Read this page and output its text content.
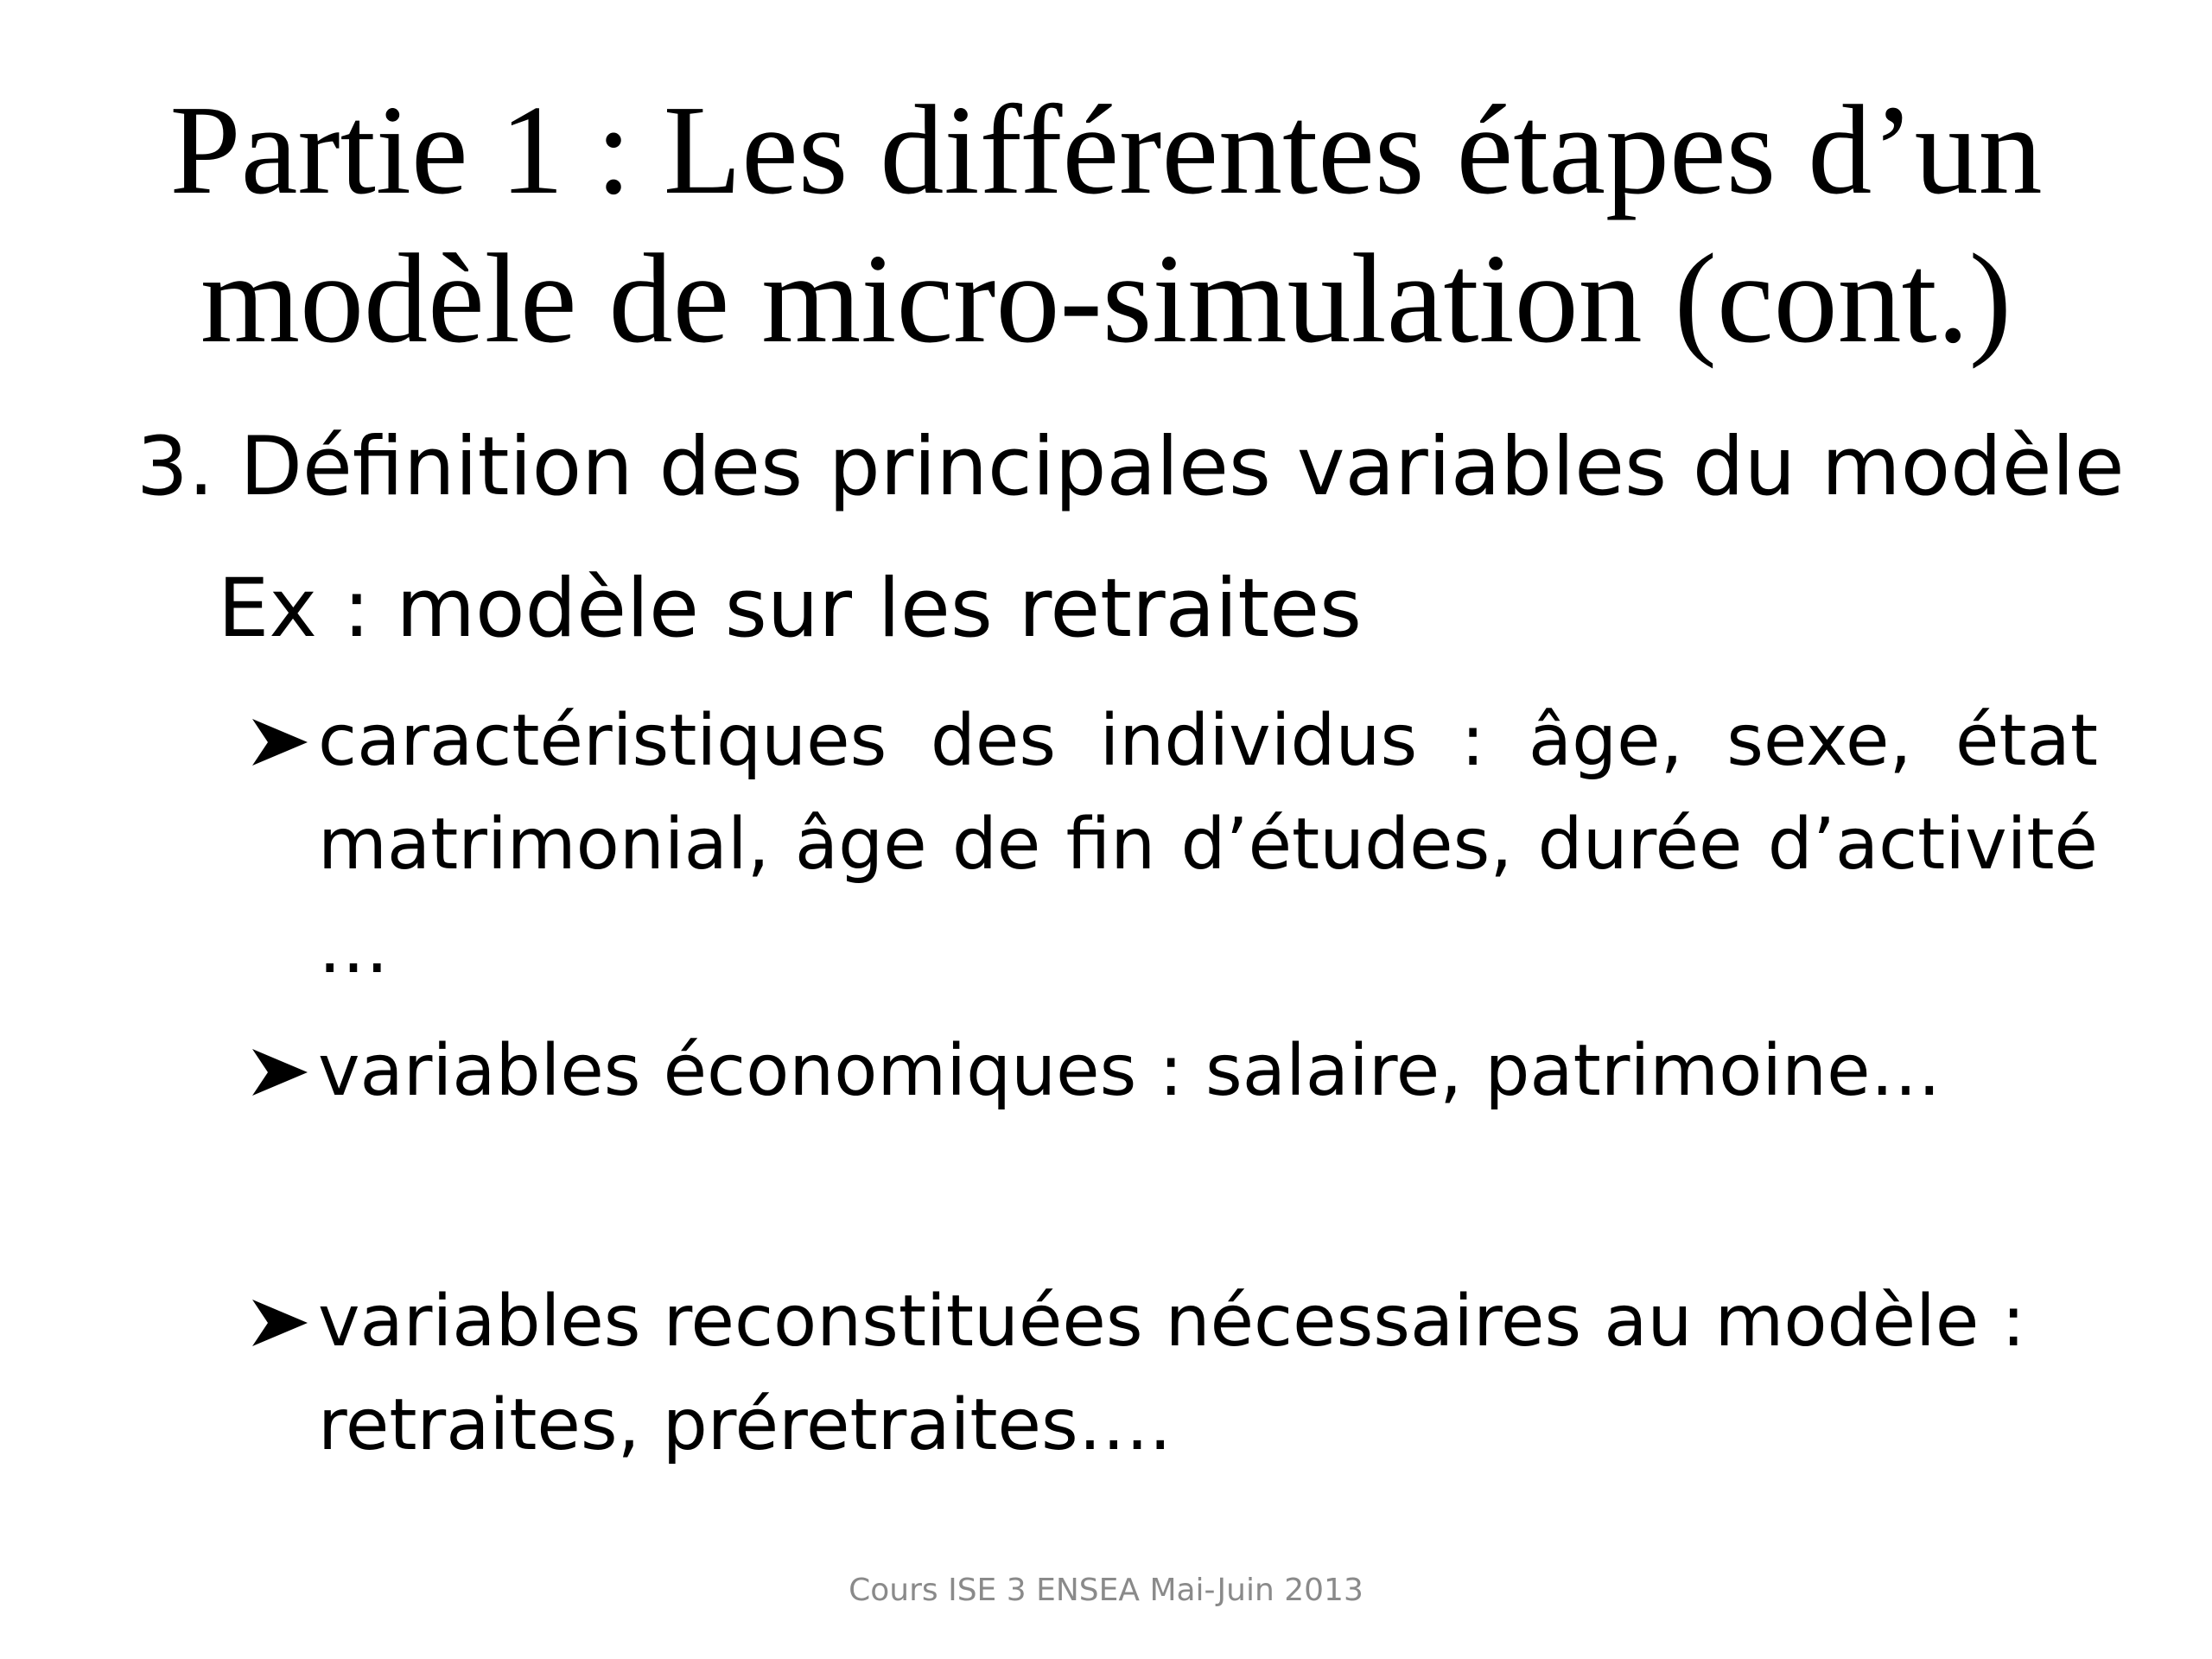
Partie 1 : Les différentes étapes d’un
modèle de micro-simulation (cont.)

3. Définition des principales variables du modèle

Ex : modèle sur les retraites

caractéristiques des individus : âge, sexe, état matrimonial, âge de fin d’études, durée d’activité …
variables économiques : salaire, patrimoine…
variables reconstituées nécessaires au modèle : retraites, préretraites….

Cours ISE 3 ENSEA Mai-Juin 2013
